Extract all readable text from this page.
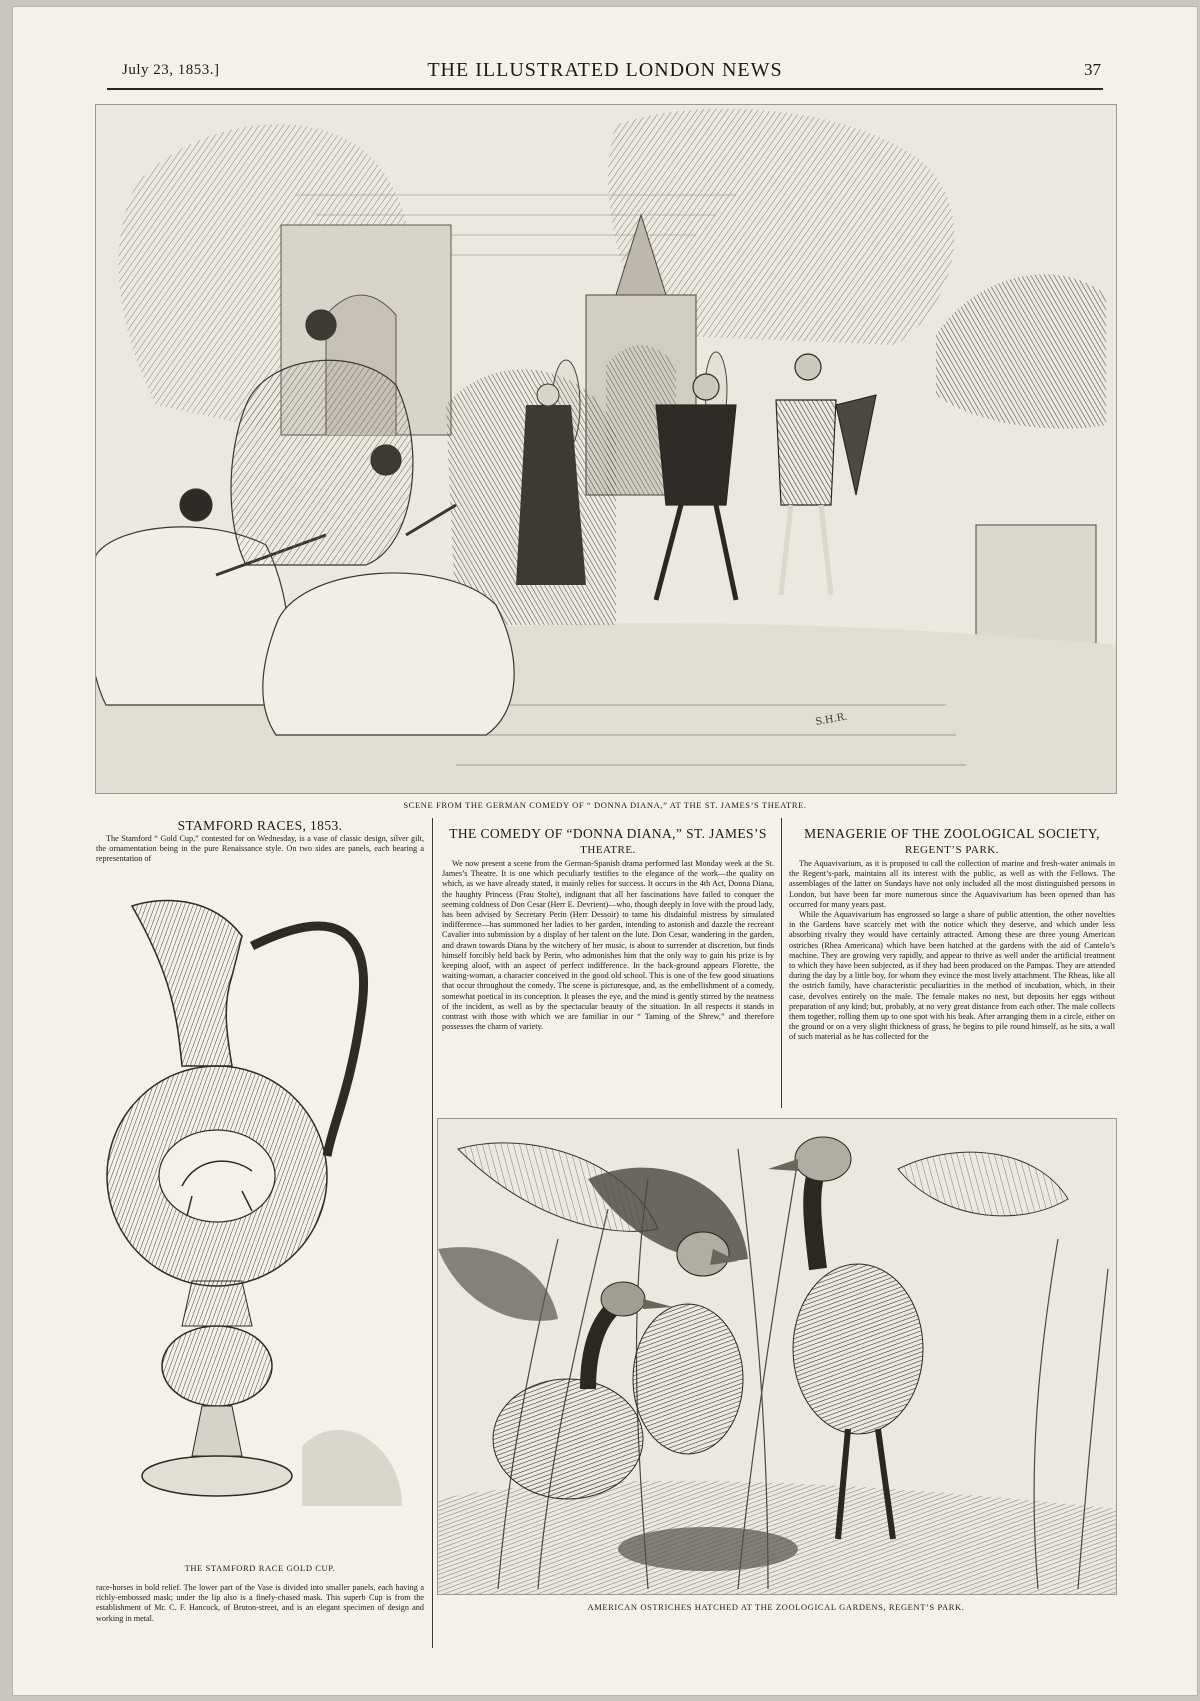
July 23, 1853.]	THE ILLUSTRATED LONDON NEWS	37
S.H.R.
SCENE FROM THE GERMAN COMEDY OF “ DONNA DIANA,” AT THE ST. JAMES’S THEATRE.
STAMFORD RACES, 1853.

The Stamford “ Gold Cup,” contested for on Wednesday, is a vase of classic design, silver gilt, the ornamentation being in the pure Renaissance style. On two sides are panels, each bearing a representation of

THE STAMFORD RACE GOLD CUP.

race-horses in bold relief. The lower part of the Vase is divided into smaller panels, each having a richly-embossed mask; under the lip also is a finely-chased mask. This superb Cup is from the establishment of Mr. C. F. Hancock, of Bruton-street, and is an elegant specimen of design and working in metal.

THE COMEDY OF “DONNA DIANA,” ST. JAMES’S
THEATRE.

We now present a scene from the German-Spanish drama performed last Monday week at the St. James’s Theatre. It is one which peculiarly testifies to the elegance of the work—the quality on which, as we have already stated, it mainly relies for success. It occurs in the 4th Act, Donna Diana, the haughty Princess (Frau Stolte), indignant that all her fascinations have failed to conquer the seeming coldness of Don Cesar (Herr E. Devrient)—who, though deeply in love with the proud lady, has been advised by Secretary Perin (Herr Dessoir) to tame his disdainful mistress by simulated indifference—has summoned her ladies to her garden, intending to astonish and dazzle the recreant Cavalier into submission by a display of her talent on the lute. Don Cesar, wandering in the garden, and drawn towards Diana by the witchery of her music, is about to surrender at discretion, but finds himself forcibly held back by Perin, who admonishes him that the only way to gain his prize is by keeping aloof, with an aspect of perfect indifference. In the back-ground appears Florette, the waiting-woman, a character conceived in the good old school. This is one of the few good situations that occur throughout the comedy. The scene is picturesque, and, as the embellishment of a comedy, somewhat poetical in its conception. It pleases the eye, and the mind is gently stirred by the neatness of the incident, as well as by the spectacular beauty of the situation. In all respects it stands in contrast with those with which we are familiar in our “ Taming of the Shrew,” and therefore possesses the charm of variety.

MENAGERIE OF THE ZOOLOGICAL SOCIETY,
REGENT’S PARK.

The Aquavivarium, as it is proposed to call the collection of marine and fresh-water animals in the Regent’s-park, maintains all its interest with the public, as well as with the Fellows. The assemblages of the latter on Sundays have not only included all the most distinguished persons in London, but have been far more numerous since the Aquavivarium has been opened than has occurred for many years past.

While the Aquavivarium has engrossed so large a share of public attention, the other novelties in the Gardens have scarcely met with the notice which they deserve, and which under less absorbing rivalry they would have certainly attracted. Among these are three young American ostriches (Rhea Americana) which have been hatched at the gardens with the aid of Cantelo’s machine. They are growing very rapidly, and appear to thrive as well under the artificial treatment to which they have been subjected, as if they had been produced on the Pampas. They are attended during the day by a little boy, for whom they evince the most lively attachment. The Rheas, like all the ostrich family, have characteristic peculiarities in the method of incubation, which, in their case, devolves entirely on the male. The female makes no nest, but deposits her eggs without preparation of any kind; but, probably, at no very great distance from each other. The male collects them together, rolling them up to one spot with his beak. After arranging them in a circle, either on the ground or on a very slight thickness of grass, he begins to pile round himself, as he sits, a wall of such material as he has collected for the

AMERICAN OSTRICHES HATCHED AT THE ZOOLOGICAL GARDENS, REGENT’S PARK.
